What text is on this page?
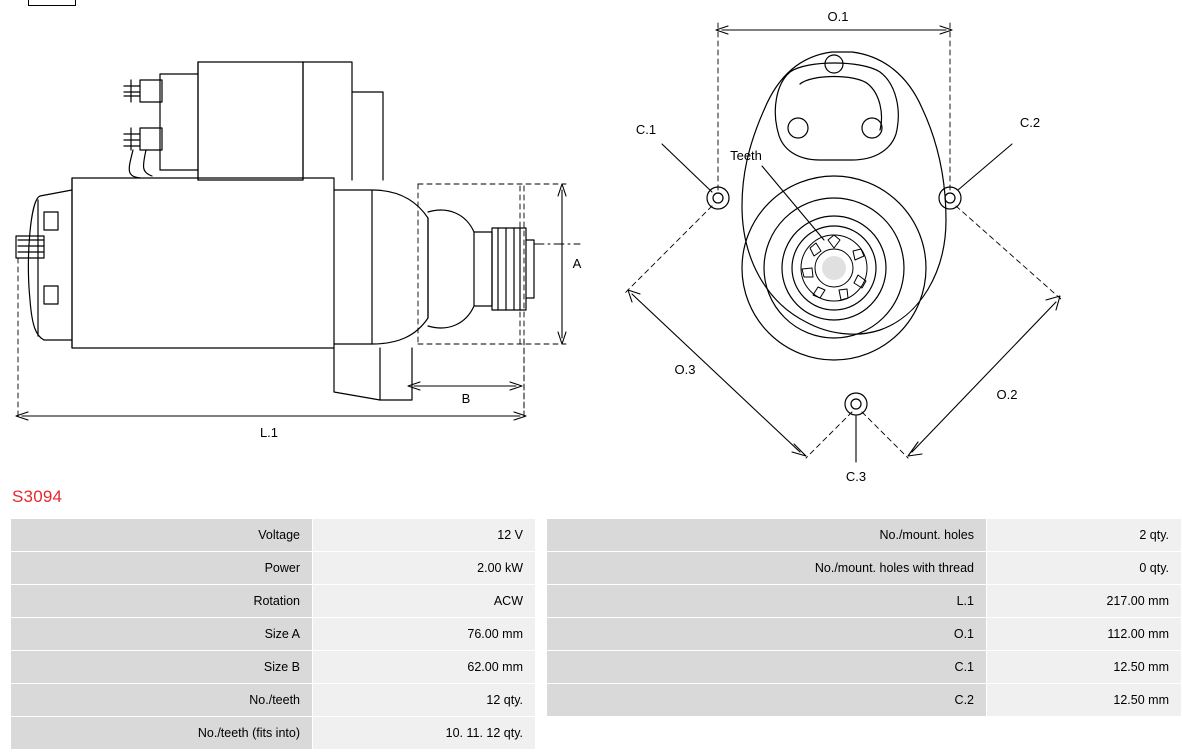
A
B
L.1
O.1
O.3
O.2
C.1	C.2
C.3
Teeth
S3094
Voltage	12 V
Power	2.00 kW
Rotation	ACW
Size A	76.00 mm
Size B	62.00 mm
No./teeth	12 qty.
No./teeth (fits into)	10. 11. 12 qty.
No./mount. holes	2 qty.
No./mount. holes with thread	0 qty.
L.1	217.00 mm
O.1	112.00 mm
C.1	12.50 mm
C.2	12.50 mm
